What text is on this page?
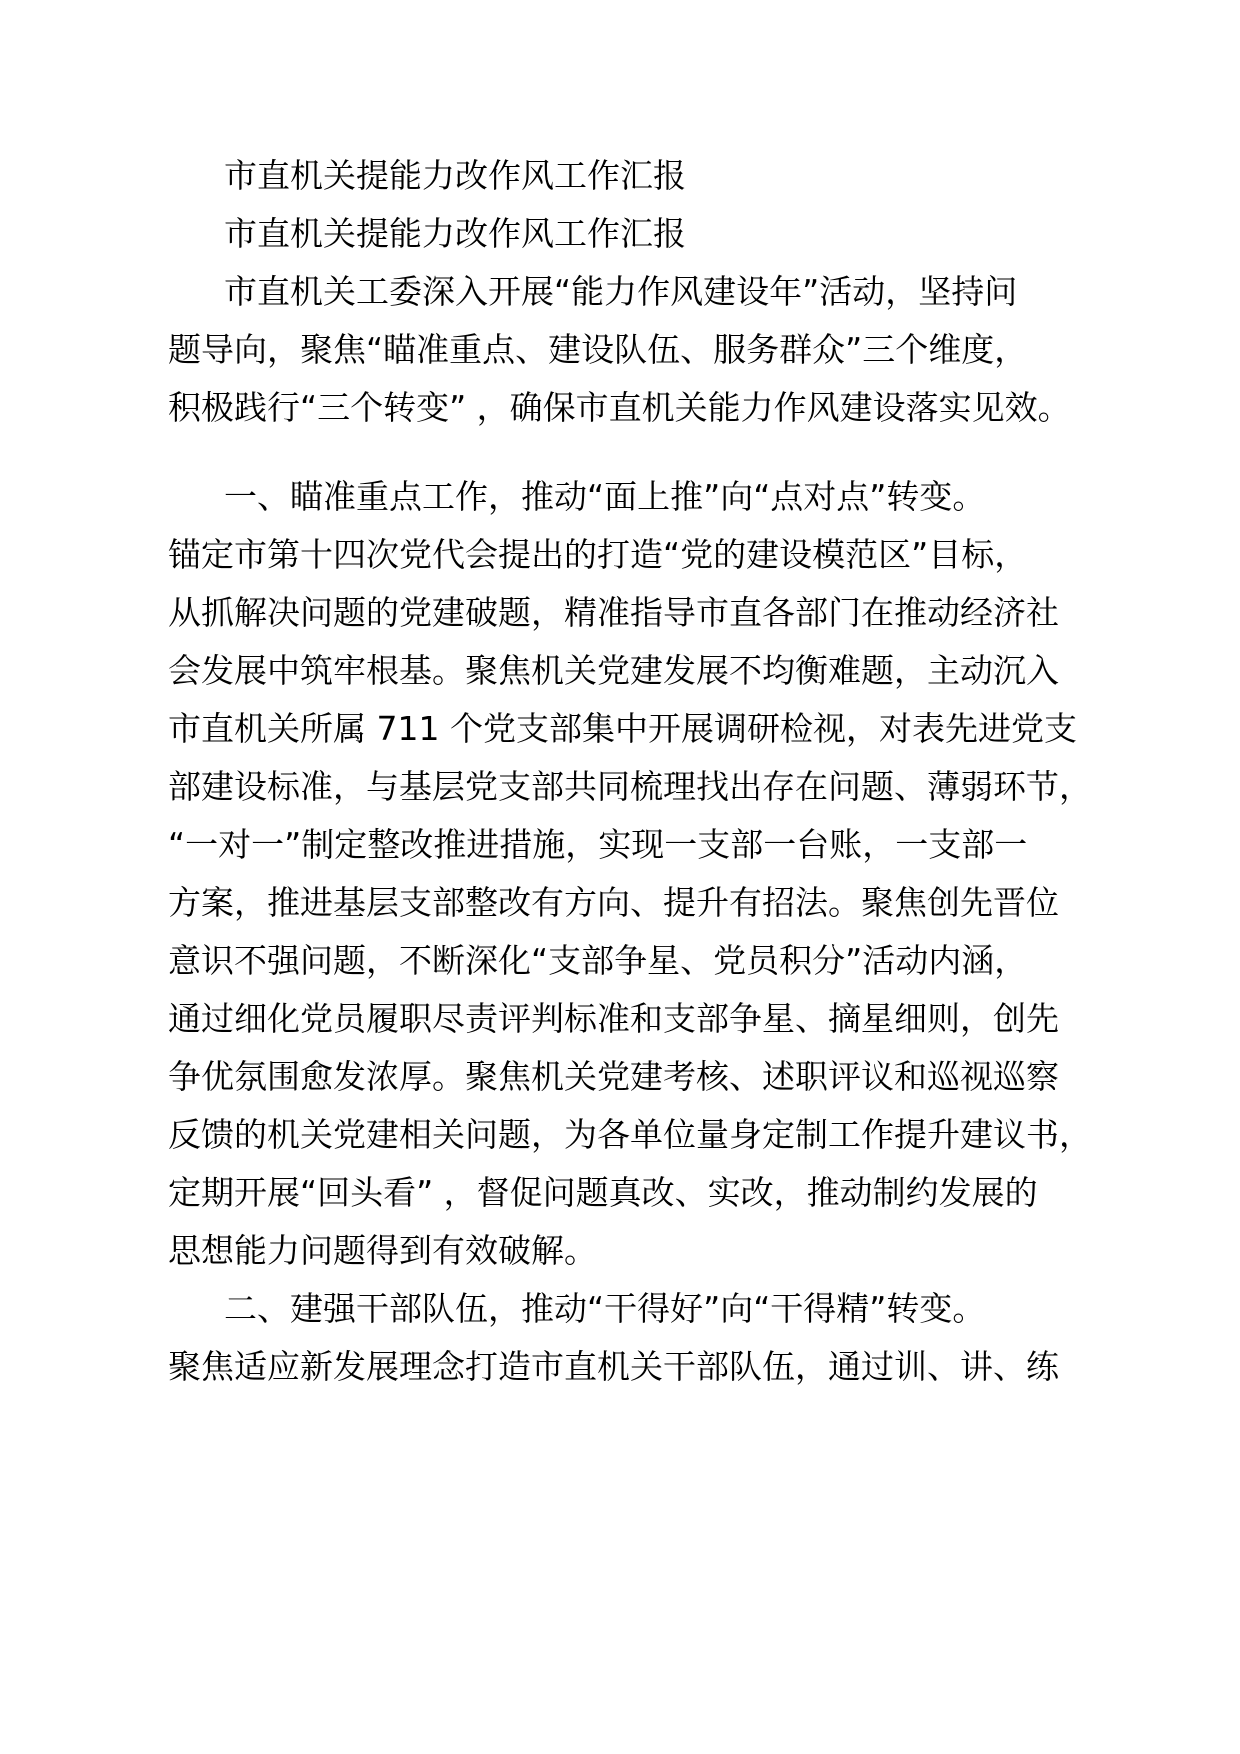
市直机关提能力改作风工作汇报
市直机关提能力改作风工作汇报
市直机关工委深入开展“能力作风建设年”活动，坚持问
题导向，聚焦“瞄准重点、建设队伍、服务群众”三个维度，
积极践行“三个转变” ，确保市直机关能力作风建设落实见效。
一、瞄准重点工作，推动“面上推”向“点对点”转变。
锚定市第十四次党代会提出的打造“党的建设模范区”目标，
从抓解决问题的党建破题，精准指导市直各部门在推动经济社
会发展中筑牢根基。聚焦机关党建发展不均衡难题，主动沉入
市直机关所属 711 个党支部集中开展调研检视，对表先进党支
部建设标准，与基层党支部共同梳理找出存在问题、薄弱环节，
“一对一”制定整改推进措施，实现一支部一台账，一支部一
方案，推进基层支部整改有方向、提升有招法。聚焦创先晋位
意识不强问题，不断深化“支部争星、党员积分”活动内涵，
通过细化党员履职尽责评判标准和支部争星、摘星细则，创先
争优氛围愈发浓厚。聚焦机关党建考核、述职评议和巡视巡察
反馈的机关党建相关问题，为各单位量身定制工作提升建议书，
定期开展“回头看” ，督促问题真改、实改，推动制约发展的
思想能力问题得到有效破解。
二、建强干部队伍，推动“干得好”向“干得精”转变。
聚焦适应新发展理念打造市直机关干部队伍，通过训、讲、练
